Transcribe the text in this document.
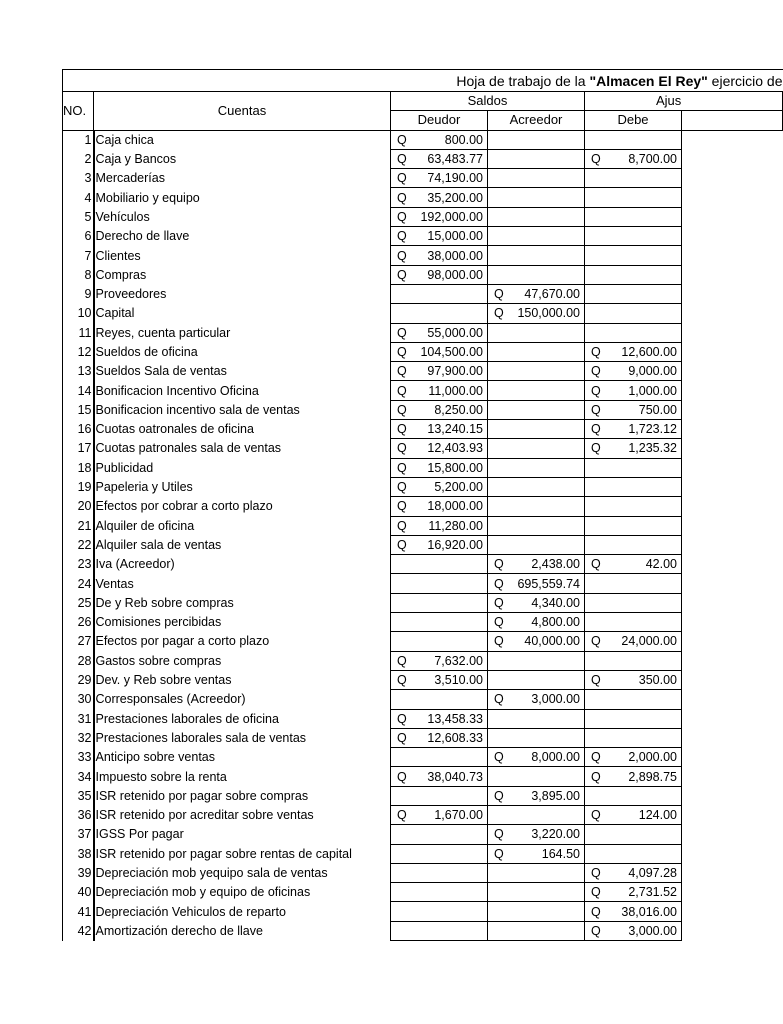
Hoja de trabajo de la "Almacen El Rey" ejercicio de					
NO.	Cuentas	Saldos		Ajus	
		Deudor	Acreedor	Debe	
1	Caja chica	Q 800.00			

2	Caja y Bancos	Q 63,483.77		Q 8,700.00	

3	Mercaderías	Q 74,190.00			

4	Mobiliario y equipo	Q 35,200.00			

5	Vehículos	Q 192,000.00			

6	Derecho de llave	Q 15,000.00			

7	Clientes	Q 38,000.00			

8	Compras	Q 98,000.00			

9	Proveedores		Q 47,670.00		

10	Capital		Q 150,000.00		

11	Reyes, cuenta particular	Q 55,000.00			

12	Sueldos de oficina	Q 104,500.00		Q 12,600.00	

13	Sueldos Sala de ventas	Q 97,900.00		Q 9,000.00	

14	Bonificacion Incentivo Oficina	Q 11,000.00		Q 1,000.00	

15	Bonificacion incentivo sala de ventas	Q 8,250.00		Q 750.00	

16	Cuotas oatronales de oficina	Q 13,240.15		Q 1,723.12	

17	Cuotas patronales sala de ventas	Q 12,403.93		Q 1,235.32	

18	Publicidad	Q 15,800.00			

19	Papeleria y Utiles	Q 5,200.00			

20	Efectos por cobrar a corto plazo	Q 18,000.00			

21	Alquiler de oficina	Q 11,280.00			

22	Alquiler sala de ventas	Q 16,920.00			

23	Iva (Acreedor)		Q 2,438.00	Q 42.00	

24	Ventas		Q 695,559.74		

25	De y Reb sobre compras		Q 4,340.00		

26	Comisiones percibidas		Q 4,800.00		

27	Efectos por pagar a corto plazo		Q 40,000.00	Q 24,000.00	

28	Gastos sobre compras	Q 7,632.00			

29	Dev. y Reb sobre ventas	Q 3,510.00		Q 350.00	

30	Corresponsales (Acreedor)		Q 3,000.00		

31	Prestaciones laborales de oficina	Q 13,458.33			

32	Prestaciones laborales sala de ventas	Q 12,608.33			

33	Anticipo sobre ventas		Q 8,000.00	Q 2,000.00	

34	Impuesto sobre la renta	Q 38,040.73		Q 2,898.75	

35	ISR retenido por pagar sobre compras		Q 3,895.00		

36	ISR retenido por acreditar sobre ventas	Q 1,670.00		Q 124.00	

37	IGSS Por pagar		Q 3,220.00		

38	ISR retenido por pagar sobre rentas de capital		Q 164.50		

39	Depreciación mob yequipo sala de ventas			Q 4,097.28	

40	Depreciación mob y equipo de oficinas			Q 2,731.52	

41	Depreciación Vehiculos de reparto			Q 38,016.00	

42	Amortización derecho de llave			Q 3,000.00	
